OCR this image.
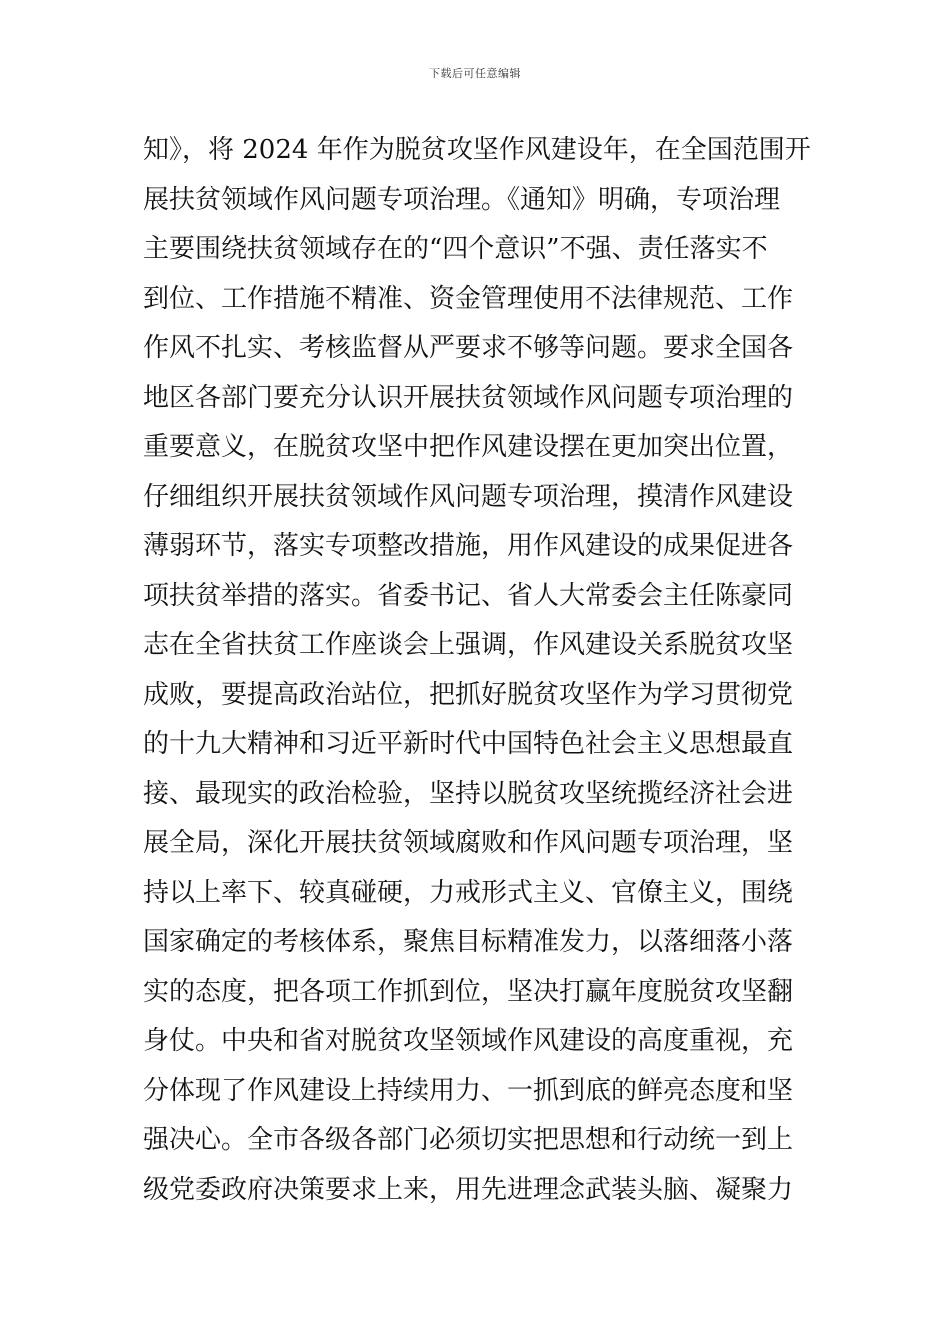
下载后可任意编辑
知》，将 2024 年作为脱贫攻坚作风建设年，在全国范围开
展扶贫领域作风问题专项治理。《通知》明确，专项治理
主要围绕扶贫领域存在的“四个意识”不强、责任落实不
到位、工作措施不精准、资金管理使用不法律规范、工作
作风不扎实、考核监督从严要求不够等问题。要求全国各
地区各部门要充分认识开展扶贫领域作风问题专项治理的
重要意义，在脱贫攻坚中把作风建设摆在更加突出位置，
仔细组织开展扶贫领域作风问题专项治理，摸清作风建设
薄弱环节，落实专项整改措施，用作风建设的成果促进各
项扶贫举措的落实。省委书记、省人大常委会主任陈豪同
志在全省扶贫工作座谈会上强调，作风建设关系脱贫攻坚
成败，要提高政治站位，把抓好脱贫攻坚作为学习贯彻党
的十九大精神和习近平新时代中国特色社会主义思想最直
接、最现实的政治检验，坚持以脱贫攻坚统揽经济社会进
展全局，深化开展扶贫领域腐败和作风问题专项治理，坚
持以上率下、较真碰硬，力戒形式主义、官僚主义，围绕
国家确定的考核体系，聚焦目标精准发力，以落细落小落
实的态度，把各项工作抓到位，坚决打赢年度脱贫攻坚翻
身仗。中央和省对脱贫攻坚领域作风建设的高度重视，充
分体现了作风建设上持续用力、一抓到底的鲜亮态度和坚
强决心。全市各级各部门必须切实把思想和行动统一到上
级党委政府决策要求上来，用先进理念武装头脑、凝聚力
